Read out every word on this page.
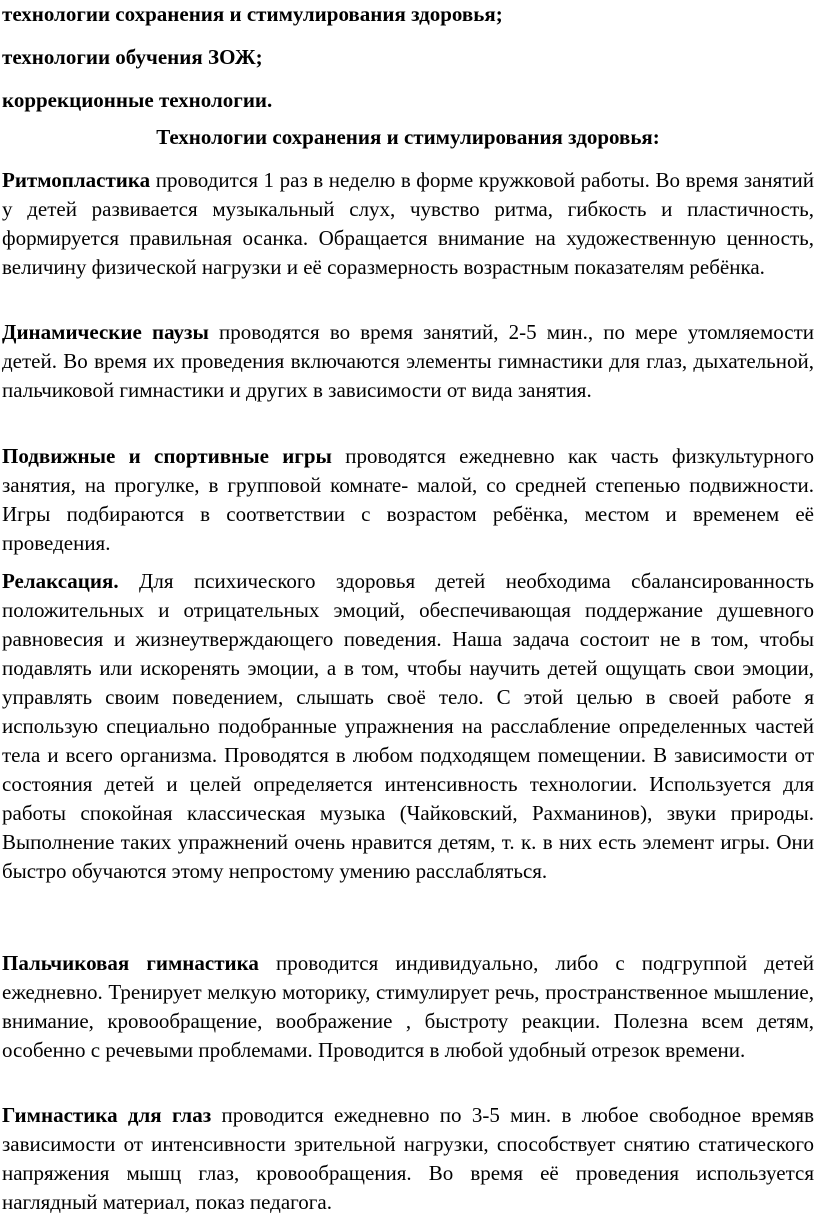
технологии сохранения и стимулирования здоровья;

технологии обучения ЗОЖ;

коррекционные технологии.

Технологии сохранения и стимулирования здоровья:

Ритмопластика проводится 1 раз в неделю в форме кружковой работы. Во время занятий у детей развивается музыкальный слух, чувство ритма, гибкость и пластичность, формируется правильная осанка. Обращается внимание на художественную ценность, величину физической нагрузки и её соразмерность возрастным показателям ребёнка.

Динамические паузы проводятся во время занятий, 2-5 мин., по мере утомляемости детей. Во время их проведения включаются элементы гимнастики для глаз, дыхательной, пальчиковой гимнастики и других в зависимости от вида занятия.

Подвижные и спортивные игры проводятся ежедневно как часть физкультурного занятия, на прогулке, в групповой комнате- малой, со средней степенью подвижности. Игры подбираются в соответствии с возрастом ребёнка, местом и временем её проведения.

Релаксация. Для психического здоровья детей необходима сбалансированность положительных и отрицательных эмоций, обеспечивающая поддержание душевного равновесия и жизнеутверждающего поведения. Наша задача состоит не в том, чтобы подавлять или искоренять эмоции, а в том, чтобы научить детей ощущать свои эмоции, управлять своим поведением, слышать своё тело. С этой целью в своей работе я использую специально подобранные упражнения на расслабление определенных частей тела и всего организма. Проводятся в любом подходящем помещении. В зависимости от состояния детей и целей определяется интенсивность технологии. Используется для работы спокойная классическая музыка (Чайковский, Рахманинов), звуки природы. Выполнение таких упражнений очень нравится детям, т. к. в них есть элемент игры. Они быстро обучаются этому непростому умению расслабляться.

Пальчиковая гимнастика проводится индивидуально, либо с подгруппой детей ежедневно. Тренирует мелкую моторику, стимулирует речь, пространственное мышление, внимание, кровообращение, воображение , быстроту реакции. Полезна всем детям, особенно с речевыми проблемами. Проводится в любой удобный отрезок времени.

Гимнастика для глаз проводится ежедневно по 3-5 мин. в любое свободное времяв зависимости от интенсивности зрительной нагрузки, способствует снятию статического напряжения мышц глаз, кровообращения. Во время её проведения используется наглядный материал, показ педагога.
